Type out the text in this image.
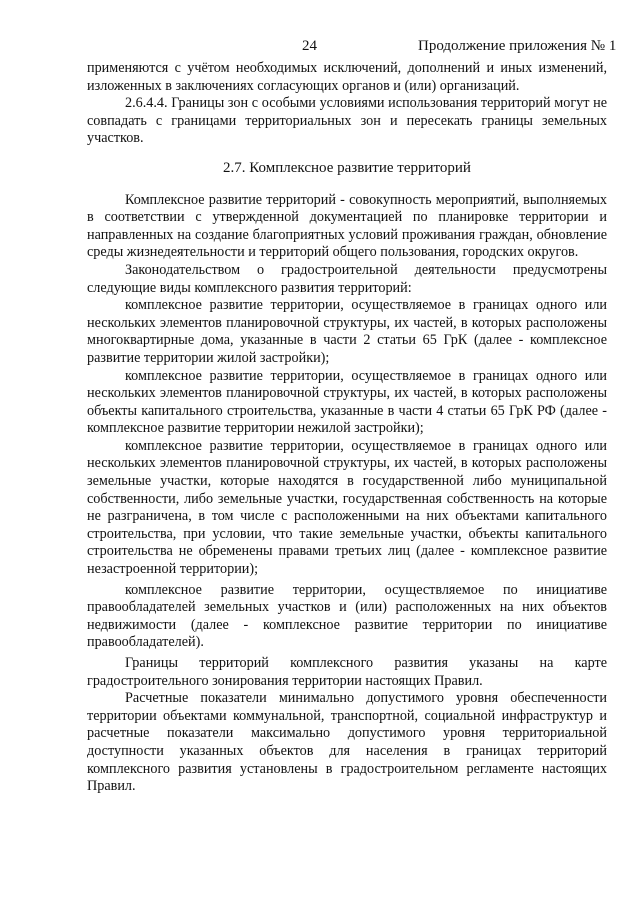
24	Продолжение приложения № 1

применяются с учётом необходимых исключений, дополнений и иных изменений, изложенных в заключениях согласующих органов и (или) организаций.

2.6.4.4. Границы зон с особыми условиями использования территорий могут не совпадать с границами территориальных зон и пересекать границы земельных участков.

2.7. Комплексное развитие территорий

Комплексное развитие территорий - совокупность мероприятий, выполняемых в соответствии с утвержденной документацией по планировке территории и направленных на создание благоприятных условий проживания граждан, обновление среды жизнедеятельности и территорий общего пользования, городских округов.

Законодательством о градостроительной деятельности предусмотрены следующие виды комплексного развития территорий:

комплексное развитие территории, осуществляемое в границах одного или нескольких элементов планировочной структуры, их частей, в которых расположены многоквартирные дома, указанные в части 2 статьи 65 ГрК (далее - комплексное развитие территории жилой застройки);

комплексное развитие территории, осуществляемое в границах одного или нескольких элементов планировочной структуры, их частей, в которых расположены объекты капитального строительства, указанные в части 4 статьи 65 ГрК РФ (далее - комплексное развитие территории нежилой застройки);

комплексное развитие территории, осуществляемое в границах одного или нескольких элементов планировочной структуры, их частей, в которых расположены земельные участки, которые находятся в государственной либо муниципальной собственности, либо земельные участки, государственная собственность на которые не разграничена, в том числе с расположенными на них объектами капитального строительства, при условии, что такие земельные участки, объекты капитального строительства не обременены правами третьих лиц (далее - комплексное развитие незастроенной территории);

комплексное развитие территории, осуществляемое по инициативе правообладателей земельных участков и (или) расположенных на них объектов недвижимости (далее - комплексное развитие территории по инициативе правообладателей).

Границы территорий комплексного развития указаны на карте градостроительного зонирования территории настоящих Правил.

Расчетные показатели минимально допустимого уровня обеспеченности территории объектами коммунальной, транспортной, социальной инфраструктур и расчетные показатели максимально допустимого уровня территориальной доступности указанных объектов для населения в границах территорий комплексного развития установлены в градостроительном регламенте настоящих Правил.
